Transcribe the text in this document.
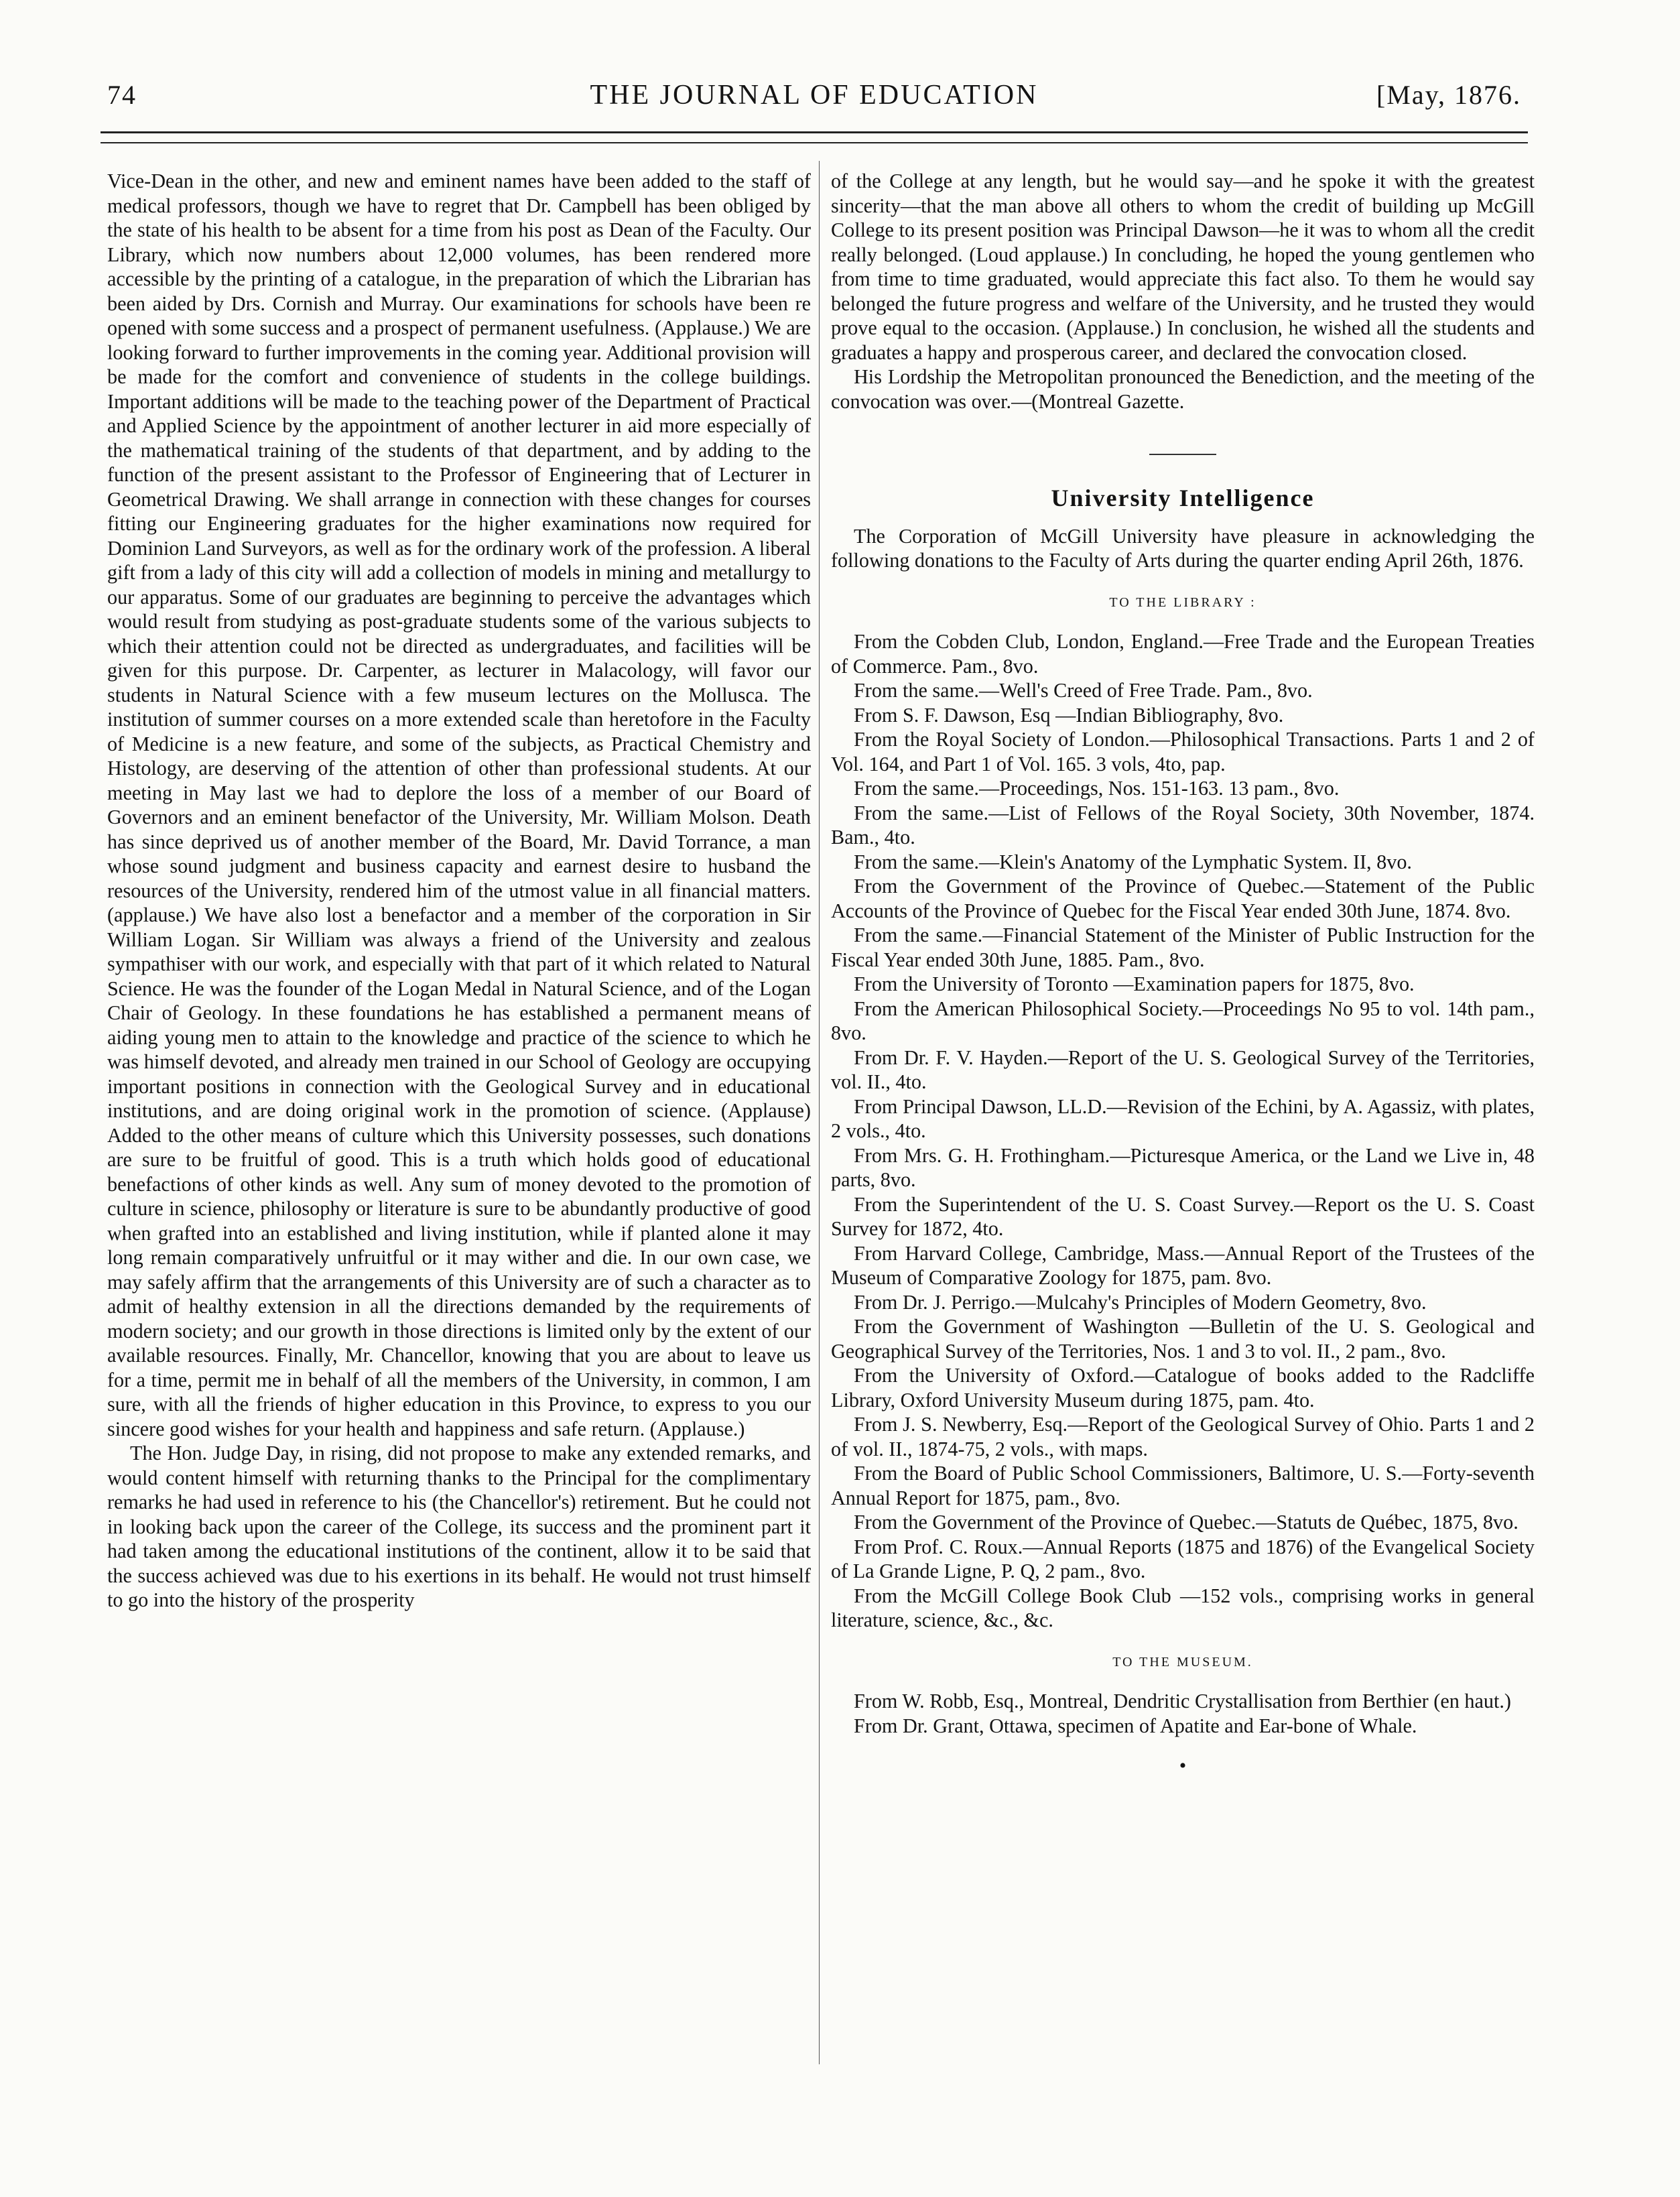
74	THE JOURNAL OF EDUCATION	[May, 1876.

Vice-Dean in the other, and new and eminent names have been added to the staff of medical professors, though we have to regret that Dr. Campbell has been obliged by the state of his health to be absent for a time from his post as Dean of the Faculty. Our Library, which now numbers about 12,000 volumes, has been rendered more accessible by the printing of a catalogue, in the preparation of which the Librarian has been aided by Drs. Cornish and Murray. Our examinations for schools have been re opened with some success and a prospect of permanent usefulness. (Applause.) We are looking forward to further improvements in the coming year. Additional provision will be made for the comfort and convenience of students in the college buildings. Important additions will be made to the teaching power of the Department of Practical and Applied Science by the appointment of another lecturer in aid more especially of the mathematical training of the students of that department, and by adding to the function of the present assistant to the Professor of Engineering that of Lecturer in Geometrical Drawing. We shall arrange in connection with these changes for courses fitting our Engineering graduates for the higher examinations now required for Dominion Land Surveyors, as well as for the ordinary work of the profession. A liberal gift from a lady of this city will add a collection of models in mining and metallurgy to our apparatus. Some of our graduates are beginning to perceive the advantages which would result from studying as post-graduate students some of the various subjects to which their attention could not be directed as undergraduates, and facilities will be given for this purpose. Dr. Carpenter, as lecturer in Malacology, will favor our students in Natural Science with a few museum lectures on the Mollusca. The institution of summer courses on a more extended scale than heretofore in the Faculty of Medicine is a new feature, and some of the subjects, as Practical Chemistry and Histology, are deserving of the attention of other than professional students. At our meeting in May last we had to deplore the loss of a member of our Board of Governors and an eminent benefactor of the University, Mr. William Molson. Death has since deprived us of another member of the Board, Mr. David Torrance, a man whose sound judgment and business capacity and earnest desire to husband the resources of the University, rendered him of the utmost value in all financial matters. (applause.) We have also lost a benefactor and a member of the corporation in Sir William Logan. Sir William was always a friend of the University and zealous sympathiser with our work, and especially with that part of it which related to Natural Science. He was the founder of the Logan Medal in Natural Science, and of the Logan Chair of Geology. In these foundations he has established a permanent means of aiding young men to attain to the knowledge and practice of the science to which he was himself devoted, and already men trained in our School of Geology are occupying important positions in connection with the Geological Survey and in educational institutions, and are doing original work in the promotion of science. (Applause) Added to the other means of culture which this University possesses, such donations are sure to be fruitful of good. This is a truth which holds good of educational benefactions of other kinds as well. Any sum of money devoted to the promotion of culture in science, philosophy or literature is sure to be abundantly productive of good when grafted into an established and living institution, while if planted alone it may long remain comparatively unfruitful or it may wither and die. In our own case, we may safely affirm that the arrangements of this University are of such a character as to admit of healthy extension in all the directions demanded by the requirements of modern society; and our growth in those directions is limited only by the extent of our available resources. Finally, Mr. Chancellor, knowing that you are about to leave us for a time, permit me in behalf of all the members of the University, in common, I am sure, with all the friends of higher education in this Province, to express to you our sincere good wishes for your health and happiness and safe return. (Applause.)

The Hon. Judge Day, in rising, did not propose to make any extended remarks, and would content himself with returning thanks to the Principal for the complimentary remarks he had used in reference to his (the Chancellor's) retirement. But he could not in looking back upon the career of the College, its success and the prominent part it had taken among the educational institutions of the continent, allow it to be said that the success achieved was due to his exertions in its behalf. He would not trust himself to go into the history of the prosperity

of the College at any length, but he would say—and he spoke it with the greatest sincerity—that the man above all others to whom the credit of building up McGill College to its present position was Principal Dawson—he it was to whom all the credit really belonged. (Loud applause.) In concluding, he hoped the young gentlemen who from time to time graduated, would appreciate this fact also. To them he would say belonged the future progress and welfare of the University, and he trusted they would prove equal to the occasion. (Applause.) In conclusion, he wished all the students and graduates a happy and prosperous career, and declared the convocation closed.

His Lordship the Metropolitan pronounced the Benediction, and the meeting of the convocation was over.—(Montreal Gazette.

University Intelligence

The Corporation of McGill University have pleasure in acknowledging the following donations to the Faculty of Arts during the quarter ending April 26th, 1876.

TO THE LIBRARY :

From the Cobden Club, London, England.—Free Trade and the European Treaties of Commerce. Pam., 8vo.

From the same.—Well's Creed of Free Trade. Pam., 8vo.

From S. F. Dawson, Esq —Indian Bibliography, 8vo.

From the Royal Society of London.—Philosophical Transactions. Parts 1 and 2 of Vol. 164, and Part 1 of Vol. 165. 3 vols, 4to, pap.

From the same.—Proceedings, Nos. 151-163. 13 pam., 8vo.

From the same.—List of Fellows of the Royal Society, 30th November, 1874. Bam., 4to.

From the same.—Klein's Anatomy of the Lymphatic System. II, 8vo.

From the Government of the Province of Quebec.—Statement of the Public Accounts of the Province of Quebec for the Fiscal Year ended 30th June, 1874. 8vo.

From the same.—Financial Statement of the Minister of Public Instruction for the Fiscal Year ended 30th June, 1885. Pam., 8vo.

From the University of Toronto —Examination papers for 1875, 8vo.

From the American Philosophical Society.—Proceedings No 95 to vol. 14th pam., 8vo.

From Dr. F. V. Hayden.—Report of the U. S. Geological Survey of the Territories, vol. II., 4to.

From Principal Dawson, LL.D.—Revision of the Echini, by A. Agassiz, with plates, 2 vols., 4to.

From Mrs. G. H. Frothingham.—Picturesque America, or the Land we Live in, 48 parts, 8vo.

From the Superintendent of the U. S. Coast Survey.—Report os the U. S. Coast Survey for 1872, 4to.

From Harvard College, Cambridge, Mass.—Annual Report of the Trustees of the Museum of Comparative Zoology for 1875, pam. 8vo.

From Dr. J. Perrigo.—Mulcahy's Principles of Modern Geometry, 8vo.

From the Government of Washington —Bulletin of the U. S. Geological and Geographical Survey of the Territories, Nos. 1 and 3 to vol. II., 2 pam., 8vo.

From the University of Oxford.—Catalogue of books added to the Radcliffe Library, Oxford University Museum during 1875, pam. 4to.

From J. S. Newberry, Esq.—Report of the Geological Survey of Ohio. Parts 1 and 2 of vol. II., 1874-75, 2 vols., with maps.

From the Board of Public School Commissioners, Baltimore, U. S.—Forty-seventh Annual Report for 1875, pam., 8vo.

From the Government of the Province of Quebec.—Statuts de Québec, 1875, 8vo.

From Prof. C. Roux.—Annual Reports (1875 and 1876) of the Evangelical Society of La Grande Ligne, P. Q, 2 pam., 8vo.

From the McGill College Book Club —152 vols., comprising works in general literature, science, &c., &c.

TO THE MUSEUM.

From W. Robb, Esq., Montreal, Dendritic Crystallisation from Berthier (en haut.)

From Dr. Grant, Ottawa, specimen of Apatite and Ear-bone of Whale.

•
